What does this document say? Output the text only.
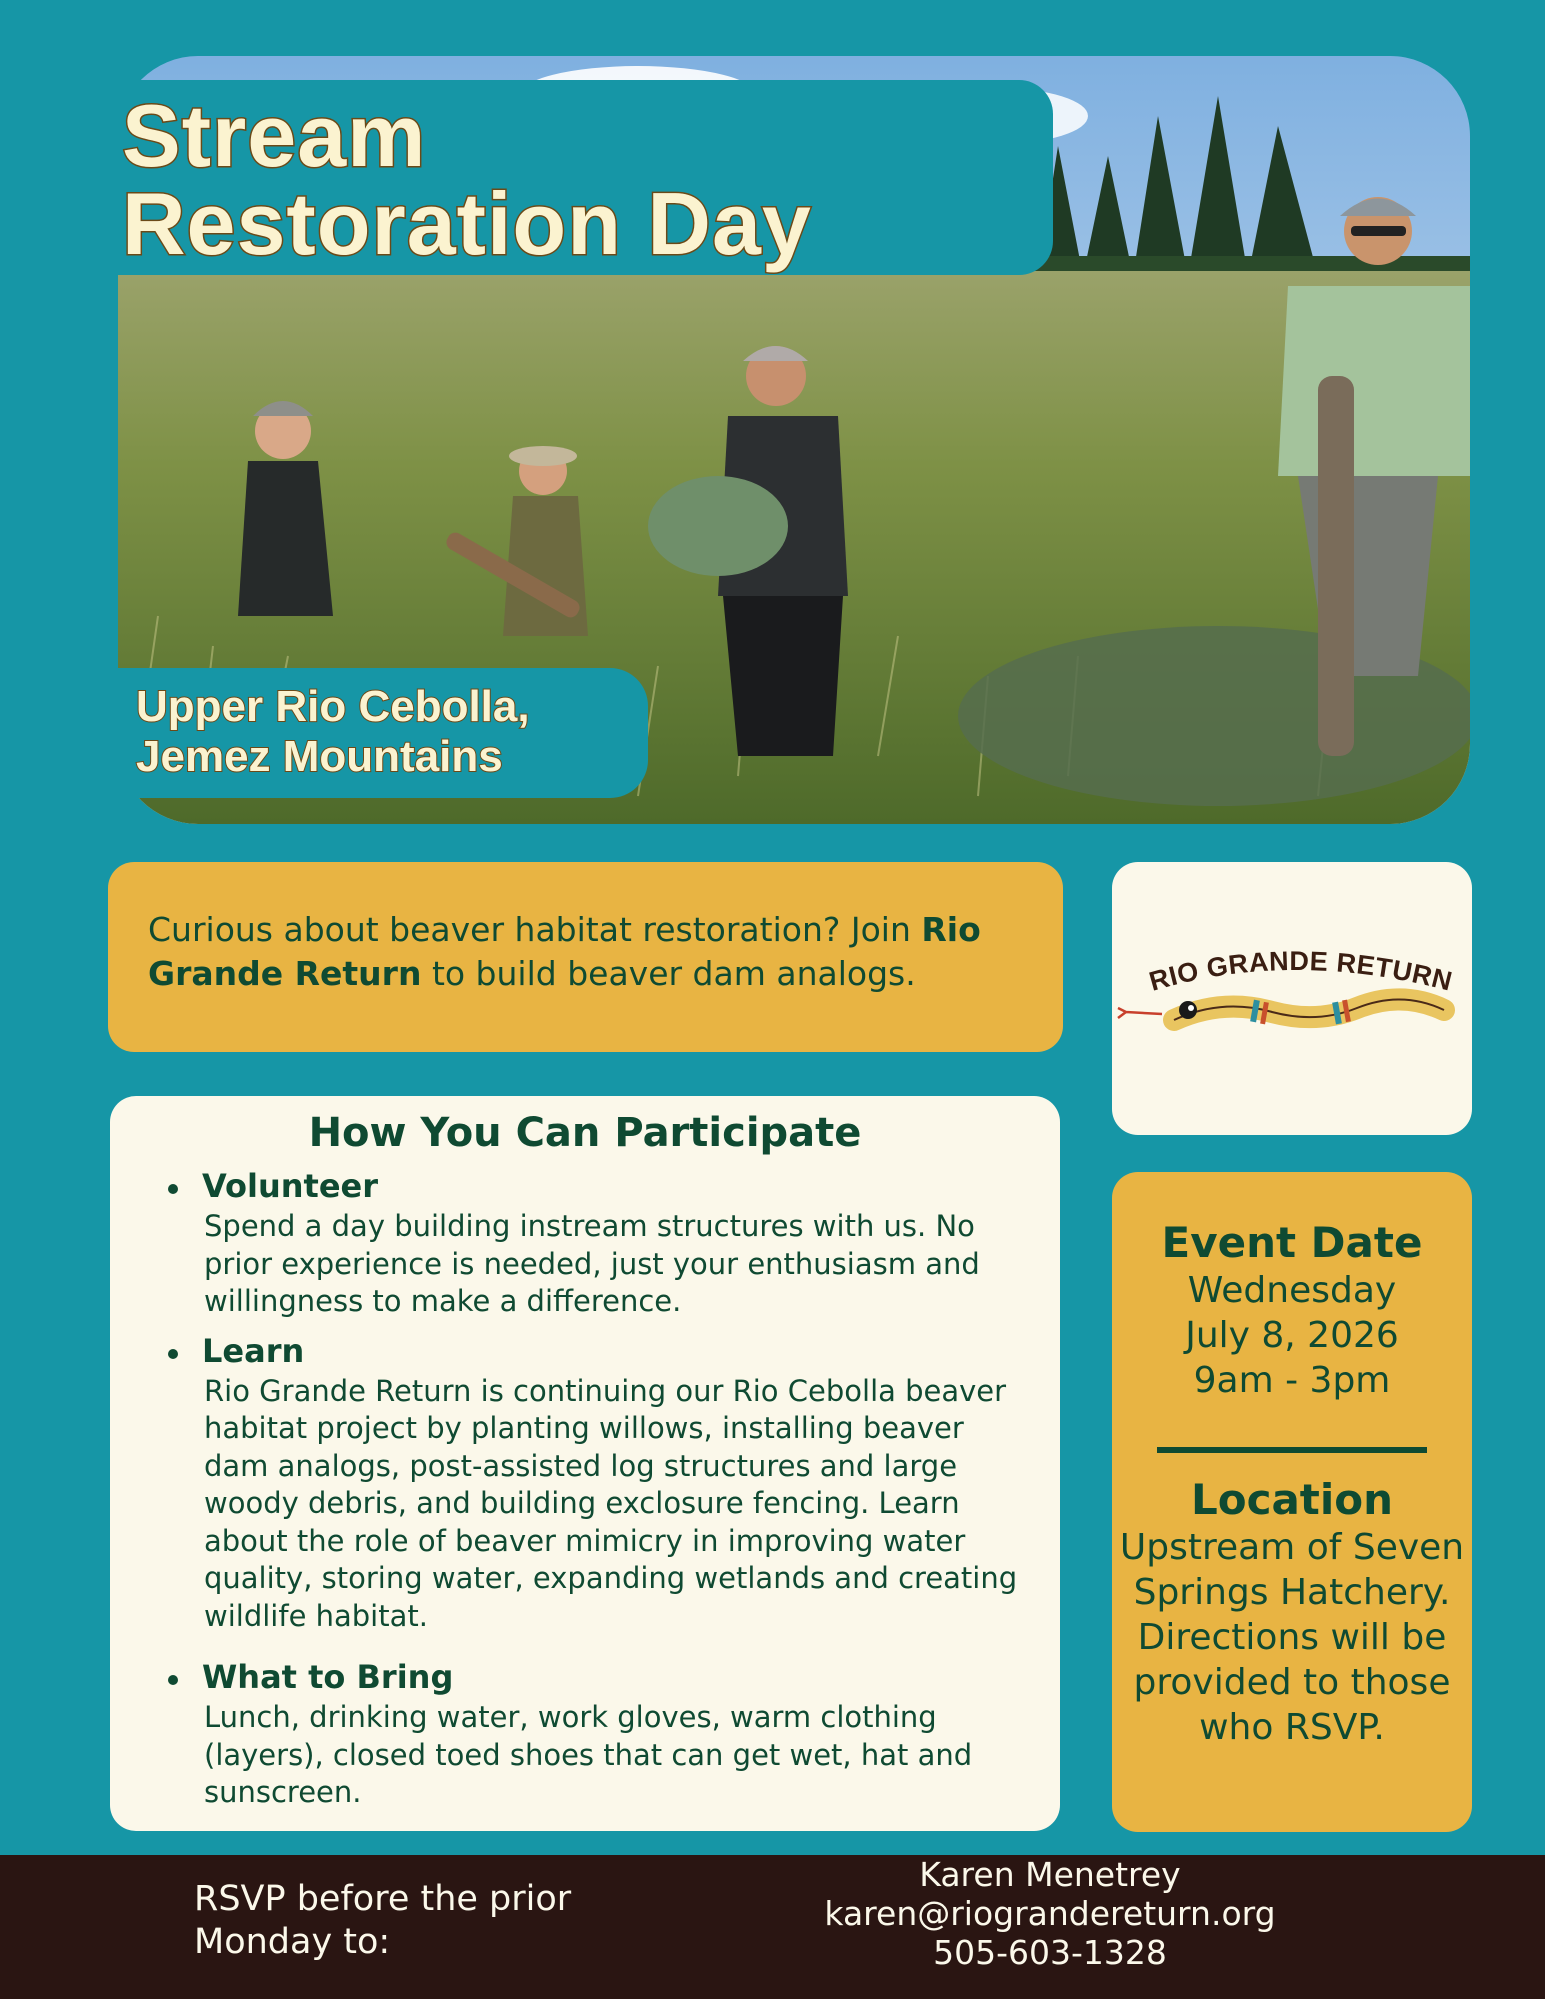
Stream
Restoration Day
Upper Rio Cebolla,
Jemez Mountains
Curious about beaver habitat restoration? Join Rio Grande Return to build beaver dam analogs.	RIO GRANDE RETURN
How You Can Participate
Volunteer

Spend a day building instream structures with us. No prior experience is needed, just your enthusiasm and willingness to make a difference.

Learn

Rio Grande Return is continuing our Rio Cebolla beaver habitat project by planting willows, installing beaver dam analogs, post-assisted log structures and large woody debris, and building exclosure fencing. Learn about the role of beaver mimicry in improving water quality, storing water, expanding wetlands and creating wildlife habitat.

What to Bring

Lunch, drinking water, work gloves, warm clothing (layers), closed toed shoes that can get wet, hat and sunscreen.

Event Date
Wednesday
July 8, 2026
9am - 3pm
Location
Upstream of Seven Springs Hatchery. Directions will be provided to those who RSVP.
RSVP before the prior Monday to:
Karen Menetrey
karen@riograndereturn.org
505-603-1328
